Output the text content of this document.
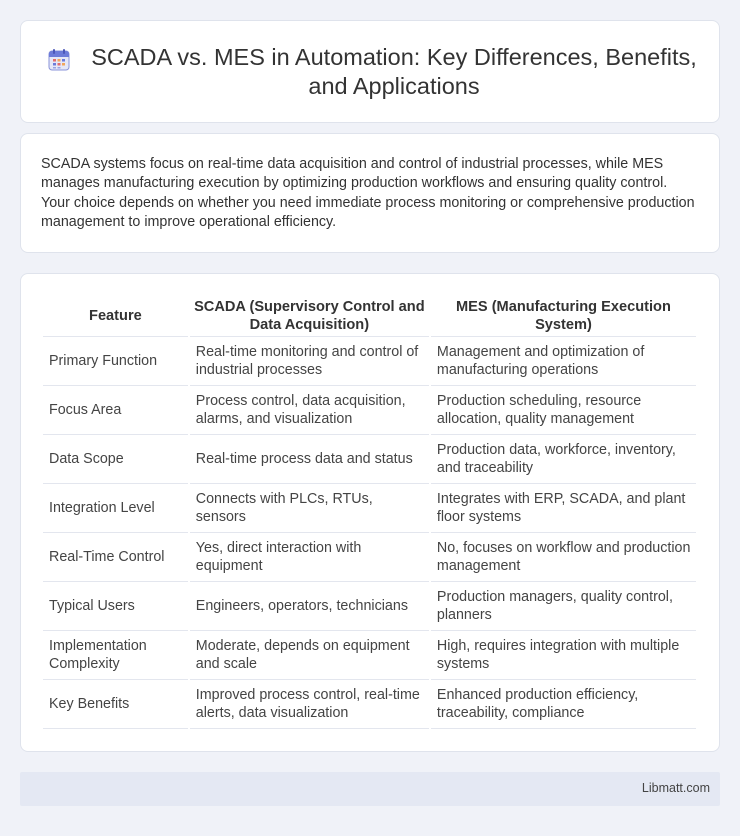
SCADA vs. MES in Automation: Key Differences, Benefits, and Applications

SCADA systems focus on real-time data acquisition and control of industrial processes, while MES manages manufacturing execution by optimizing production workflows and ensuring quality control. Your choice depends on whether you need immediate process monitoring or comprehensive production management to improve operational efficiency.

Feature	SCADA (Supervisory Control and Data Acquisition)	MES (Manufacturing Execution System)
Primary Function	Real-time monitoring and control of industrial processes	Management and optimization of manufacturing operations
Focus Area	Process control, data acquisition, alarms, and visualization	Production scheduling, resource allocation, quality management
Data Scope	Real-time process data and status	Production data, workforce, inventory, and traceability
Integration Level	Connects with PLCs, RTUs, sensors	Integrates with ERP, SCADA, and plant floor systems
Real-Time Control	Yes, direct interaction with equipment	No, focuses on workflow and production management
Typical Users	Engineers, operators, technicians	Production managers, quality control, planners
Implementation Complexity	Moderate, depends on equipment and scale	High, requires integration with multiple systems
Key Benefits	Improved process control, real-time alerts, data visualization	Enhanced production efficiency, traceability, compliance
Libmatt.com
